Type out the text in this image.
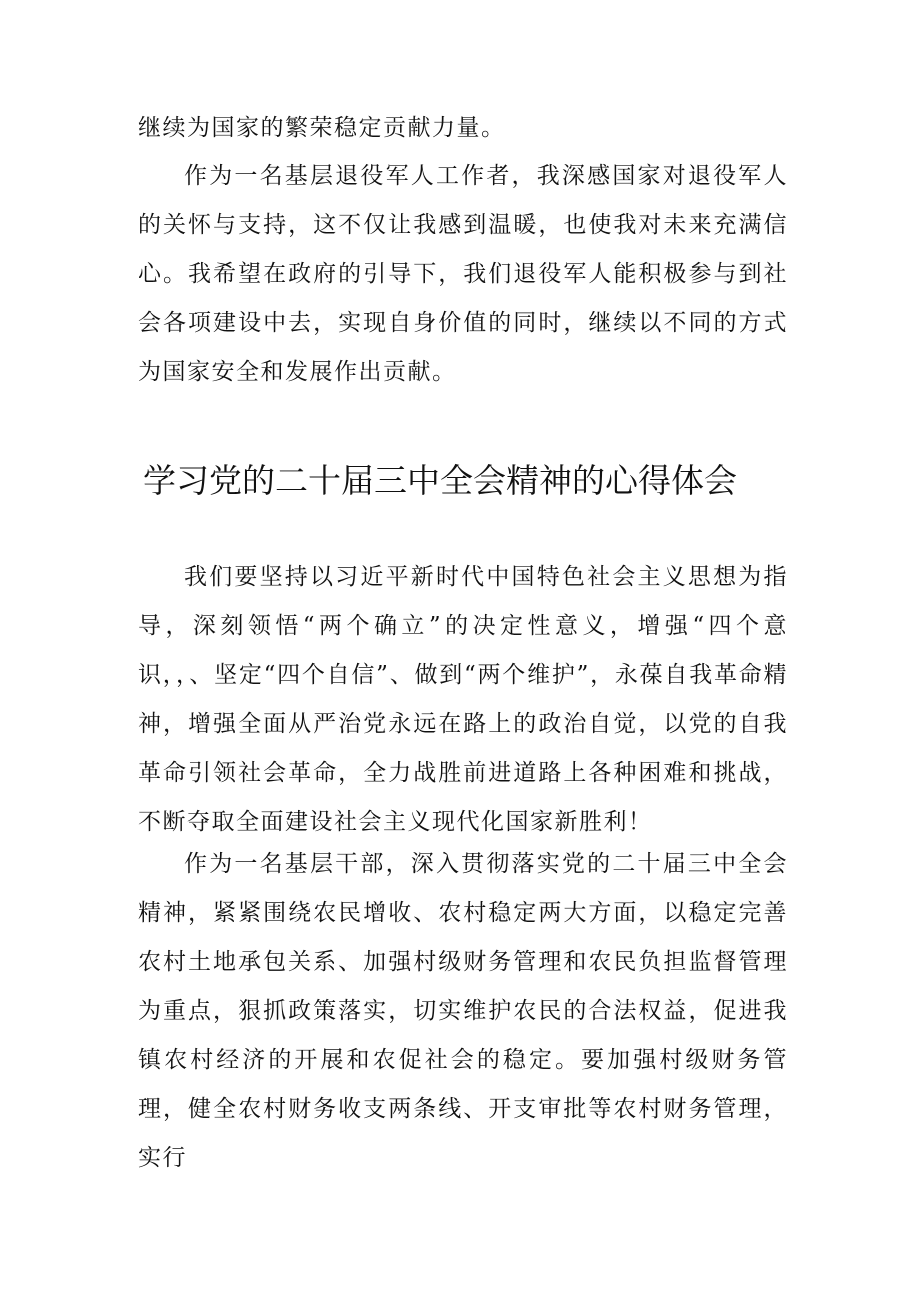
继续为国家的繁荣稳定贡献力量。

作为一名基层退役军人工作者，我深感国家对退役军人的关怀与支持，这不仅让我感到温暖，也使我对未来充满信心。我希望在政府的引导下，我们退役军人能积极参与到社会各项建设中去，实现自身价值的同时，继续以不同的方式为国家安全和发展作出贡献。

学习党的二十届三中全会精神的心得体会

我们要坚持以习近平新时代中国特色社会主义思想为指导，深刻领悟“两个确立”的决定性意义，增强“四个意识，，、坚定“四个自信”、做到“两个维护”，永葆自我革命精神，增强全面从严治党永远在路上的政治自觉，以党的自我革命引领社会革命，全力战胜前进道路上各种困难和挑战，不断夺取全面建设社会主义现代化国家新胜利！

作为一名基层干部，深入贯彻落实党的二十届三中全会精神，紧紧围绕农民增收、农村稳定两大方面，以稳定完善农村土地承包关系、加强村级财务管理和农民负担监督管理为重点，狠抓政策落实，切实维护农民的合法权益，促进我镇农村经济的开展和农促社会的稳定。要加强村级财务管理，健全农村财务收支两条线、开支审批等农村财务管理，实行
